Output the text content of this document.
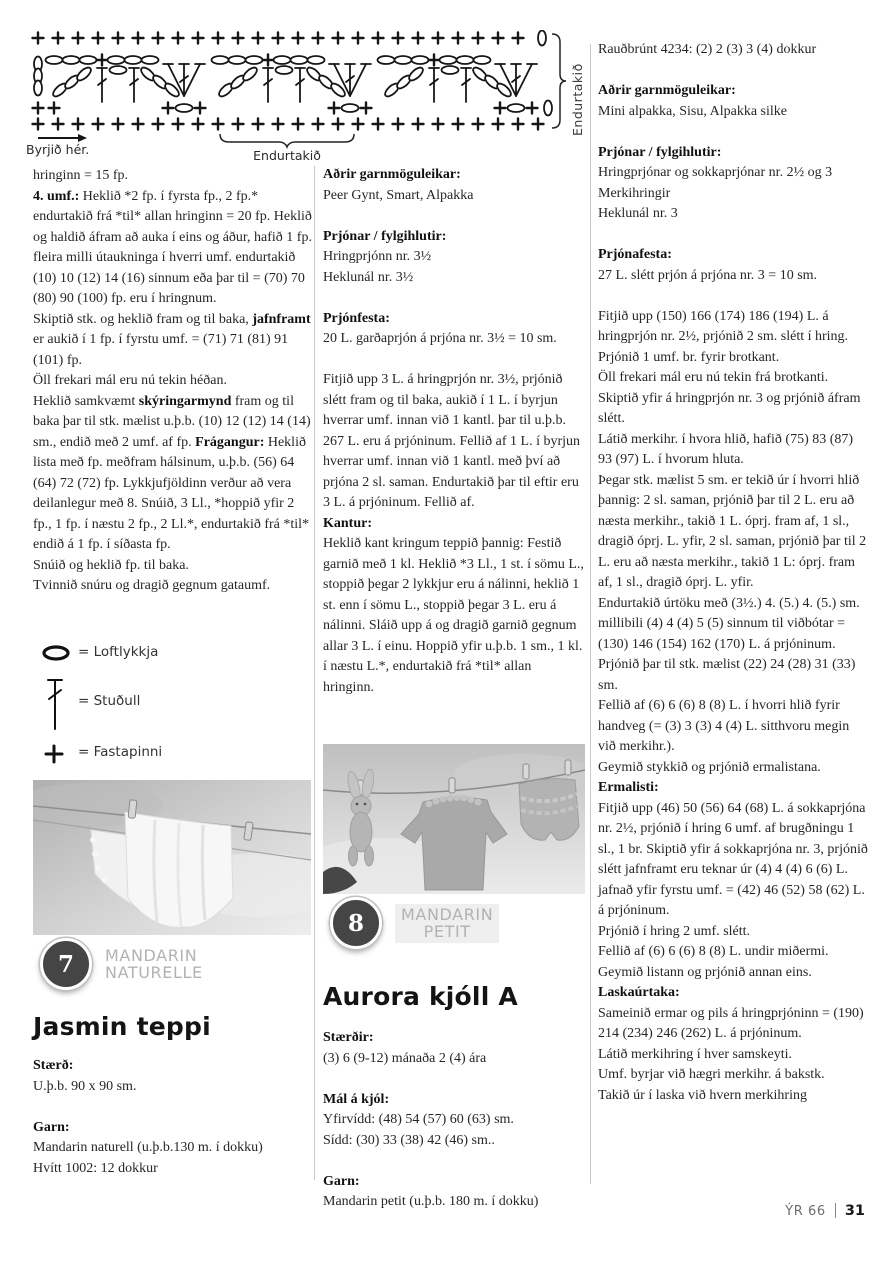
Byrjið hér.	Endurtakið
Endurtakið

hringinn = 15 fp.

4. umf.: Heklið *2 fp. í fyrsta fp., 2 fp.* endurtakið frá *til* allan hringinn = 20 fp. Heklið og haldið áfram að auka í eins og áður, hafið 1 fp. fleira milli útaukninga í hverri umf. endurtakið (10) 10 (12) 14 (16) sinnum eða þar til = (70) 70 (80) 90 (100) fp. eru í hringnum.

Skiptið stk. og heklið fram og til baka, jafnframt er aukið í 1 fp. í fyrstu umf. = (71) 71 (81) 91 (101) fp.

Öll frekari mál eru nú tekin héðan.

Heklið samkvæmt skýringarmynd fram og til baka þar til stk. mælist u.þ.b. (10) 12 (12) 14 (14) sm., endið með 2 umf. af fp. Frágangur: Heklið lista með fp. meðfram hálsinum, u.þ.b. (56) 64 (64) 72 (72) fp. Lykkjufjöldinn verður að vera deilanlegur með 8. Snúið, 3 Ll., *hoppið yfir 2 fp., 1 fp. í næstu 2 fp., 2 Ll.*, endurtakið frá *til* endið á 1 fp. í síðasta fp.

Snúið og heklið fp. til baka.

Tvinnið snúru og dragið gegnum gataumf.

= Loftlykkja
= Stuðull
= Fastapinni
7	MANDARIN
NATURELLE
Jasmin teppi

Stærð:

U.þ.b. 90 x 90 sm.

Garn:

Mandarin naturell (u.þ.b.130 m. í dokku)

Hvítt 1002: 12 dokkur

Aðrir garnmöguleikar:

Peer Gynt, Smart, Alpakka

Prjónar / fylgihlutir:

Hringprjónn nr. 3½

Heklunál nr. 3½

Prjónfesta:

20 L. garðaprjón á prjóna nr. 3½ = 10 sm.

Fitjið upp 3 L. á hringprjón nr. 3½, prjónið slétt fram og til baka, aukið í 1 L. í byrjun hverrar umf. innan við 1 kantl. þar til u.þ.b. 267 L. eru á prjóninum. Fellið af 1 L. í byrjun hverrar umf. innan við 1 kantl. með því að prjóna 2 sl. saman. Endurtakið þar til eftir eru 3 L. á prjóninum. Fellið af.

Kantur:

Heklið kant kringum teppið þannig: Festið garnið með 1 kl. Heklið *3 Ll., 1 st. í sömu L., stoppið þegar 2 lykkjur eru á nálinni, heklið 1 st. enn í sömu L., stoppið þegar 3 L. eru á nálinni. Sláið upp á og dragið garnið gegnum allar 3 L. í einu. Hoppið yfir u.þ.b. 1 sm., 1 kl. í næstu L.*, endurtakið frá *til* allan hringinn.

8	MANDARIN
PETIT
Aurora kjóll A

Stærðir:

(3) 6 (9-12) mánaða 2 (4) ára

Mál á kjól:

Yfirvídd: (48) 54 (57) 60 (63) sm.

Sídd: (30) 33 (38) 42 (46) sm..

Garn:

Mandarin petit (u.þ.b. 180 m. í dokku)

Rauðbrúnt 4234: (2) 2 (3) 3 (4) dokkur

Aðrir garnmöguleikar:

Mini alpakka, Sisu, Alpakka silke

Prjónar / fylgihlutir:

Hringprjónar og sokkaprjónar nr. 2½ og 3

Merkihringir

Heklunál nr. 3

Prjónafesta:

27 L. slétt prjón á prjóna nr. 3 = 10 sm.

Fitjið upp (150) 166 (174) 186 (194) L. á hringprjón nr. 2½, prjónið 2 sm. slétt í hring. Prjónið 1 umf. br. fyrir brotkant.

Öll frekari mál eru nú tekin frá brotkanti.

Skiptið yfir á hringprjón nr. 3 og prjónið áfram slétt.

Látið merkihr. í hvora hlið, hafið (75) 83 (87) 93 (97) L. í hvorum hluta.

Þegar stk. mælist 5 sm. er tekið úr í hvorri hlið þannig: 2 sl. saman, prjónið þar til 2 L. eru að næsta merkihr., takið 1 L. óprj. fram af, 1 sl., dragið óprj. L. yfir, 2 sl. saman, prjónið þar til 2 L. eru að næsta merkihr., takið 1 L: óprj. fram af, 1 sl., dragið óprj. L. yfir.

Endurtakið úrtöku með (3½.) 4. (5.) 4. (5.) sm. millibili (4) 4 (4) 5 (5) sinnum til viðbótar = (130) 146 (154) 162 (170) L. á prjóninum.

Prjónið þar til stk. mælist (22) 24 (28) 31 (33) sm.

Fellið af (6) 6 (6) 8 (8) L. í hvorri hlið fyrir handveg (= (3) 3 (3) 4 (4) L. sitthvoru megin við merkihr.).

Geymið stykkið og prjónið ermalistana.

Ermalisti:

Fitjið upp (46) 50 (56) 64 (68) L. á sokkaprjóna nr. 2½, prjónið í hring 6 umf. af brugðningu 1 sl., 1 br. Skiptið yfir á sokkaprjóna nr. 3, prjónið slétt jafnframt eru teknar úr (4) 4 (4) 6 (6) L. jafnað yfir fyrstu umf. = (42) 46 (52) 58 (62) L. á prjóninum.

Prjónið í hring 2 umf. slétt.

Fellið af (6) 6 (6) 8 (8) L. undir miðermi.

Geymið listann og prjónið annan eins.

Laskaúrtaka:

Sameinið ermar og pils á hringprjóninn = (190) 214 (234) 246 (262) L. á prjóninum.

Látið merkihring í hver samskeyti.

Umf. byrjar við hægri merkihr. á bakstk.

Takið úr í laska við hvern merkihring

ÝR 66 31
